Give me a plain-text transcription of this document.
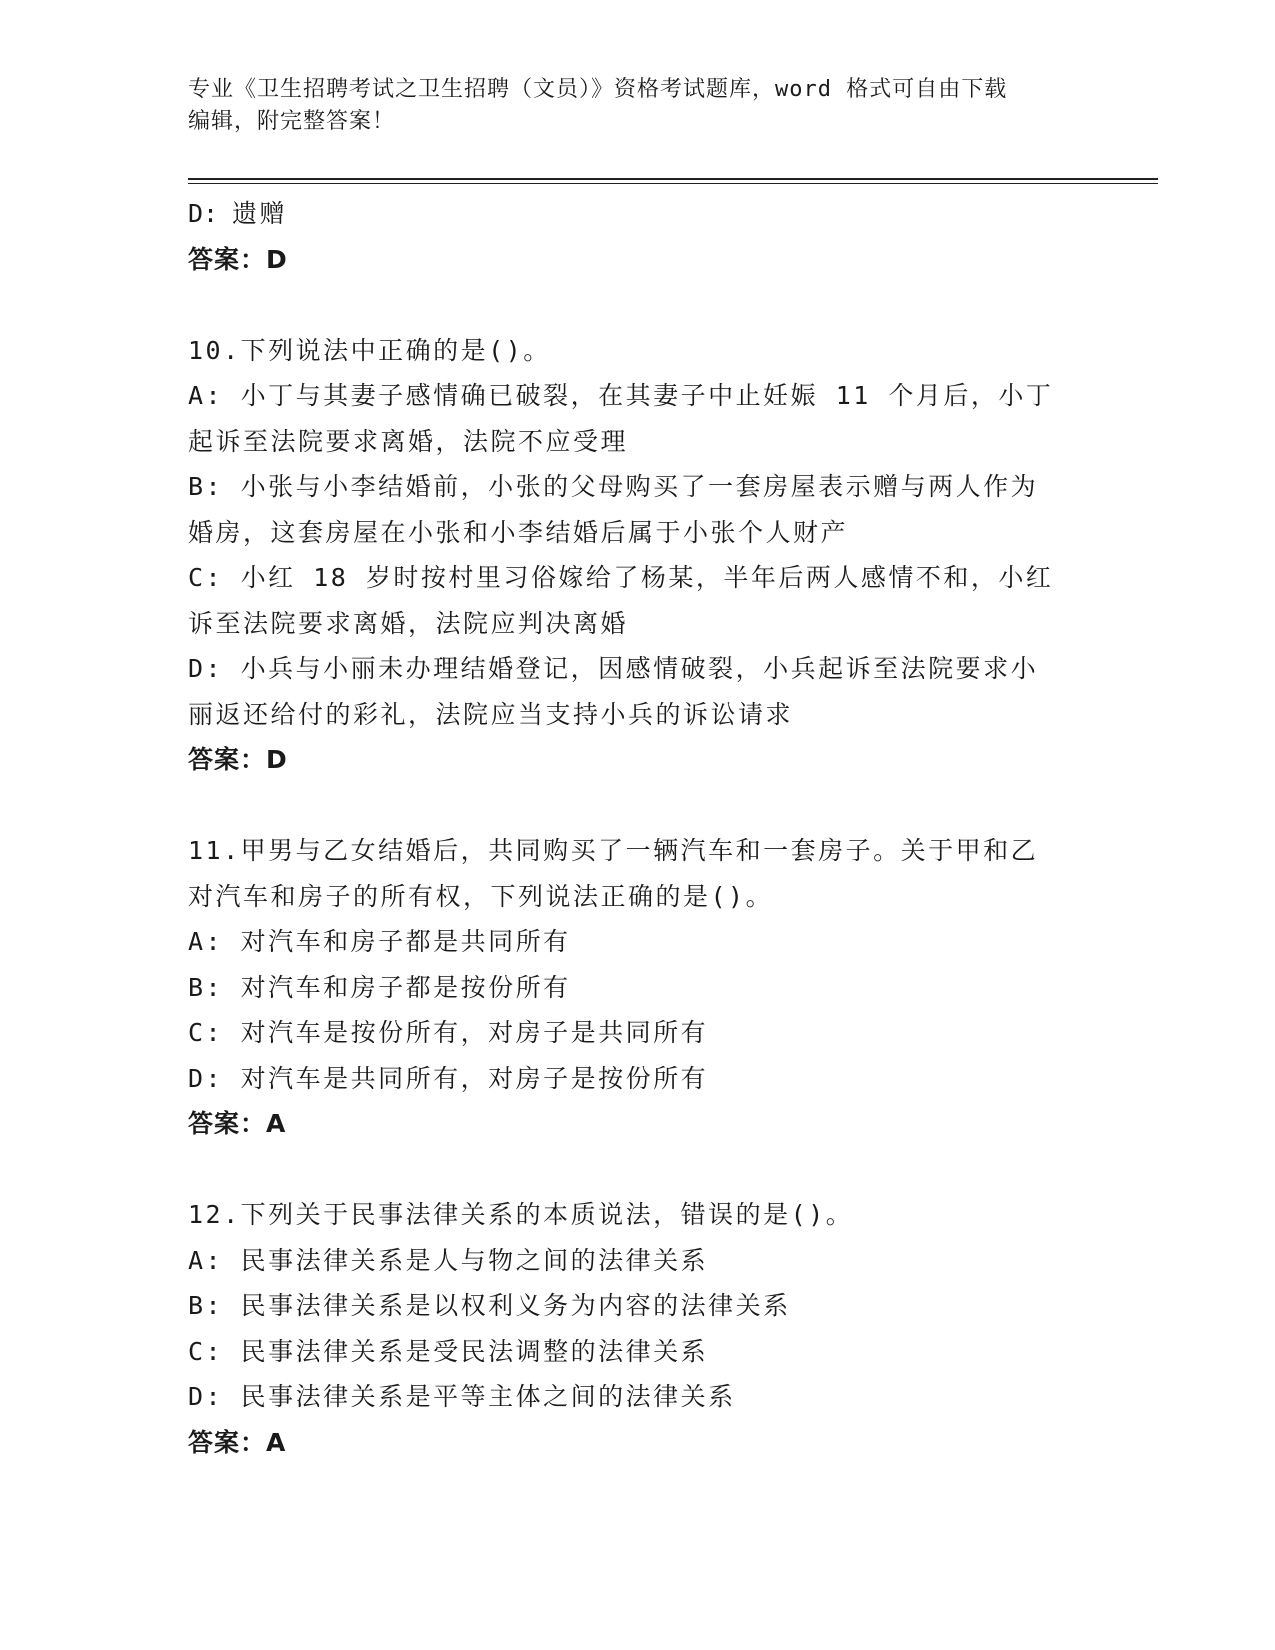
专业《卫生招聘考试之卫生招聘（文员）》资格考试题库，word 格式可自由下载
编辑，附完整答案！
D: 遗赠
答案：D
10.下列说法中正确的是()。
A: 小丁与其妻子感情确已破裂，在其妻子中止妊娠 11 个月后，小丁
起诉至法院要求离婚，法院不应受理
B: 小张与小李结婚前，小张的父母购买了一套房屋表示赠与两人作为
婚房，这套房屋在小张和小李结婚后属于小张个人财产
C: 小红 18 岁时按村里习俗嫁给了杨某，半年后两人感情不和，小红
诉至法院要求离婚，法院应判决离婚
D: 小兵与小丽未办理结婚登记，因感情破裂，小兵起诉至法院要求小
丽返还给付的彩礼，法院应当支持小兵的诉讼请求
答案：D
11.甲男与乙女结婚后，共同购买了一辆汽车和一套房子。关于甲和乙
对汽车和房子的所有权，下列说法正确的是()。
A: 对汽车和房子都是共同所有
B: 对汽车和房子都是按份所有
C: 对汽车是按份所有，对房子是共同所有
D: 对汽车是共同所有，对房子是按份所有
答案：A
12.下列关于民事法律关系的本质说法，错误的是()。
A: 民事法律关系是人与物之间的法律关系
B: 民事法律关系是以权利义务为内容的法律关系
C: 民事法律关系是受民法调整的法律关系
D: 民事法律关系是平等主体之间的法律关系
答案：A
